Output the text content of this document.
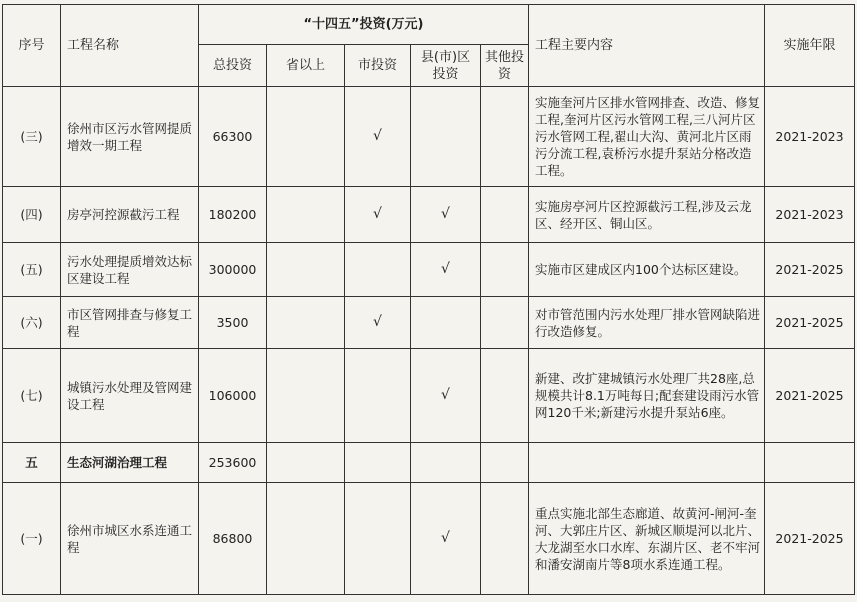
序号	工程名称	“十四五”投资(万元)					工程主要内容	实施年限
		总投资	省以上	市投资	县(市)区投资	其他投资		
(三)	徐州市区污水管网提质增效一期工程	66300		√			实施奎河片区排水管网排查、改造、修复工程,奎河片区污水管网工程,三八河片区污水管网工程,翟山大沟、黄河北片区雨污分流工程,袁桥污水提升泵站分格改造工程。	2021-2023
(四)	房亭河控源截污工程	180200		√	√		实施房亭河片区控源截污工程,涉及云龙区、经开区、铜山区。	2021-2023
(五)	污水处理提质增效达标区建设工程	300000			√		实施市区建成区内100个达标区建设。	2021-2025
(六)	市区管网排查与修复工程	3500		√			对市管范围内污水处理厂排水管网缺陷进行改造修复。	2021-2025
(七)	城镇污水处理及管网建设工程	106000			√		新建、改扩建城镇污水处理厂共28座,总规模共计8.1万吨每日;配套建设雨污水管网120千米;新建污水提升泵站6座。	2021-2025
五	生态河湖治理工程	253600						
(一)	徐州市城区水系连通工程	86800			√		重点实施北部生态廊道、故黄河-闸河-奎河、大郭庄片区、新城区顺堤河以北片、大龙湖至水口水库、东湖片区、老不牢河和潘安湖南片等8项水系连通工程。	2021-2025
